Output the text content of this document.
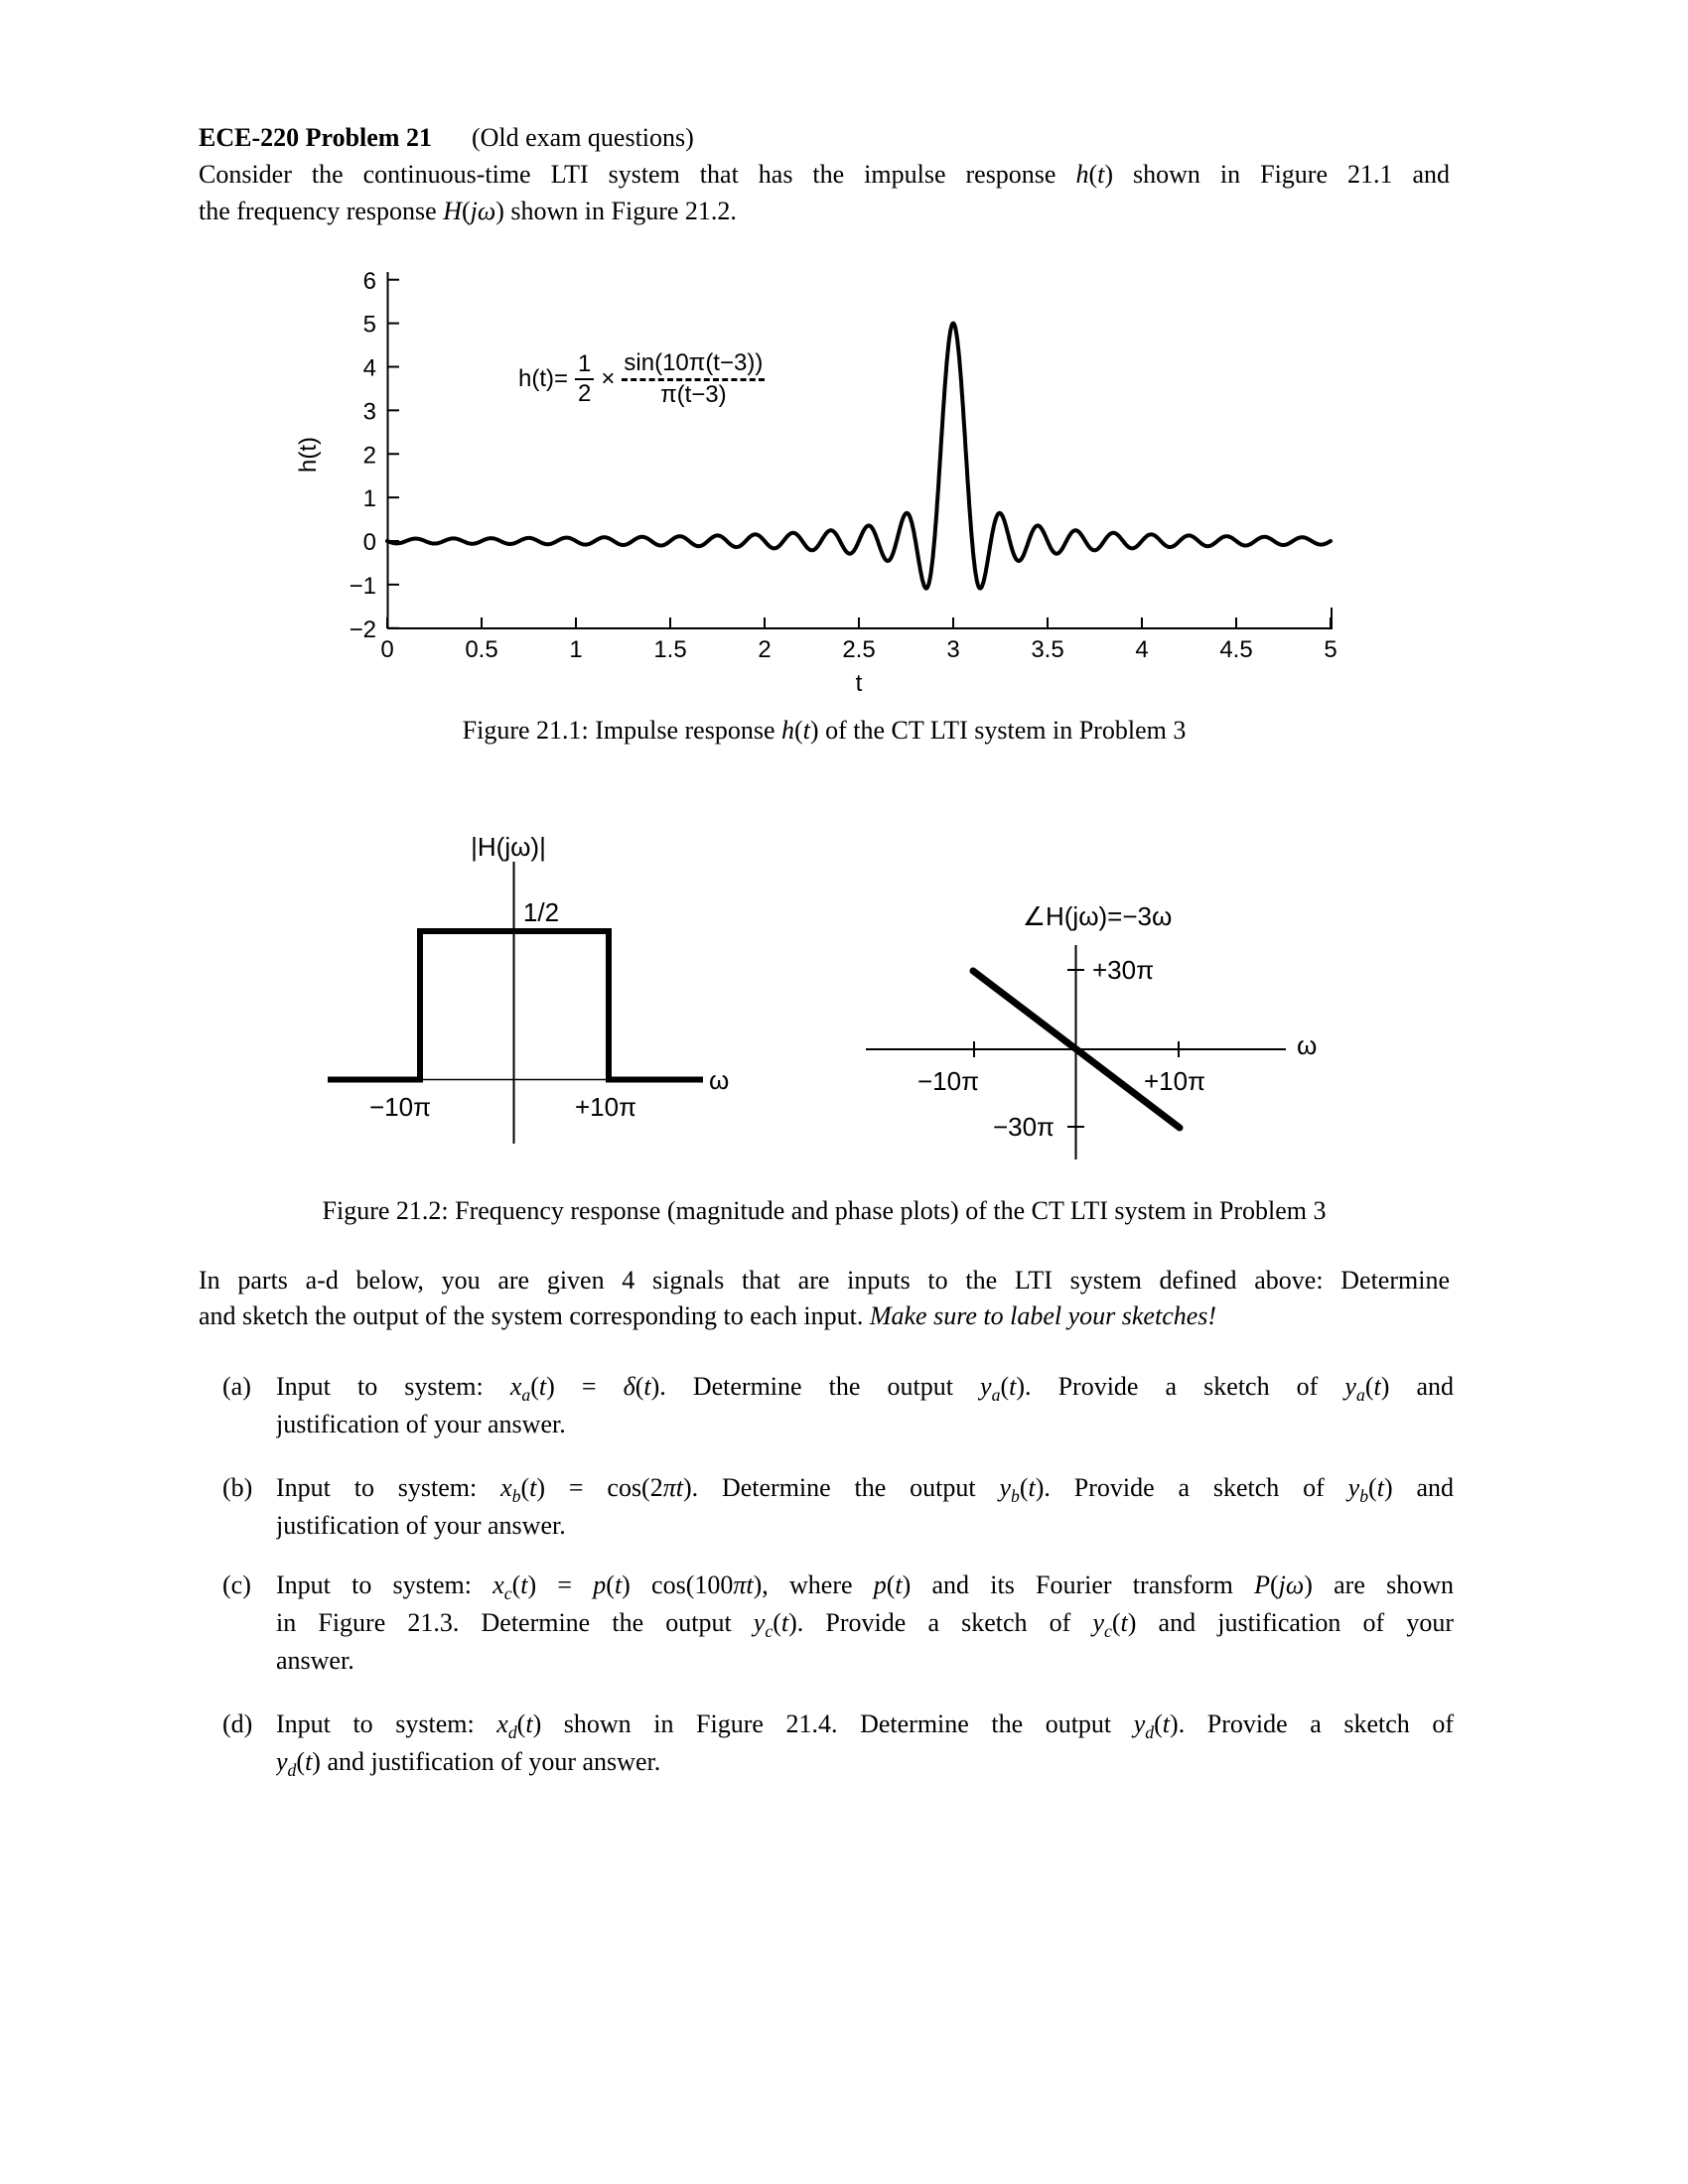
ECE-220 Problem 21 (Old exam questions)
Consider the continuous-time LTI system that has the impulse response h(t) shown in Figure 21.1 and
the frequency response H(jω) shown in Figure 21.2.
6
5
4
3
2
1
0
−1
−2
0	0.5	1	1.5	2	2.5	3	3.5	4	4.5	5
h(t)
t
$h(t)= \frac{1}{2} \times \frac{\sin(10\pi(t-3))}{\pi(t-3)}$
Figure 21.1: Impulse response h(t) of the CT LTI system in Problem 3
|H(jω)|
1/2
−10π	+10π
ω
∠H(jω)=−3ω
+30π
−30π
−10π	+10π
ω
Figure 21.2: Frequency response (magnitude and phase plots) of the CT LTI system in Problem 3
In parts a-d below, you are given 4 signals that are inputs to the LTI system defined above: Determine
and sketch the output of the system corresponding to each input. Make sure to label your sketches!
(a) Input to system: $x_a(t) = \delta(t)$. Determine the output $y_a(t)$. Provide a sketch of $y_a(t)$ and
justification of your answer.
(b) Input to system: $x_b(t) = \cos(2\pi t)$. Determine the output $y_b(t)$. Provide a sketch of $y_b(t)$ and
justification of your answer.
(c) Input to system: $x_c(t) = p(t)$ cos(100πt), where p(t) and its Fourier transform P(jω) are shown
in Figure 21.3. Determine the output $y_c(t)$. Provide a sketch of $y_c(t)$ and justification of your
answer.
(d) Input to system: $x_d(t)$ shown in Figure 21.4. Determine the output $y_d(t)$. Provide a sketch of
$y_d(t)$ and justification of your answer.
